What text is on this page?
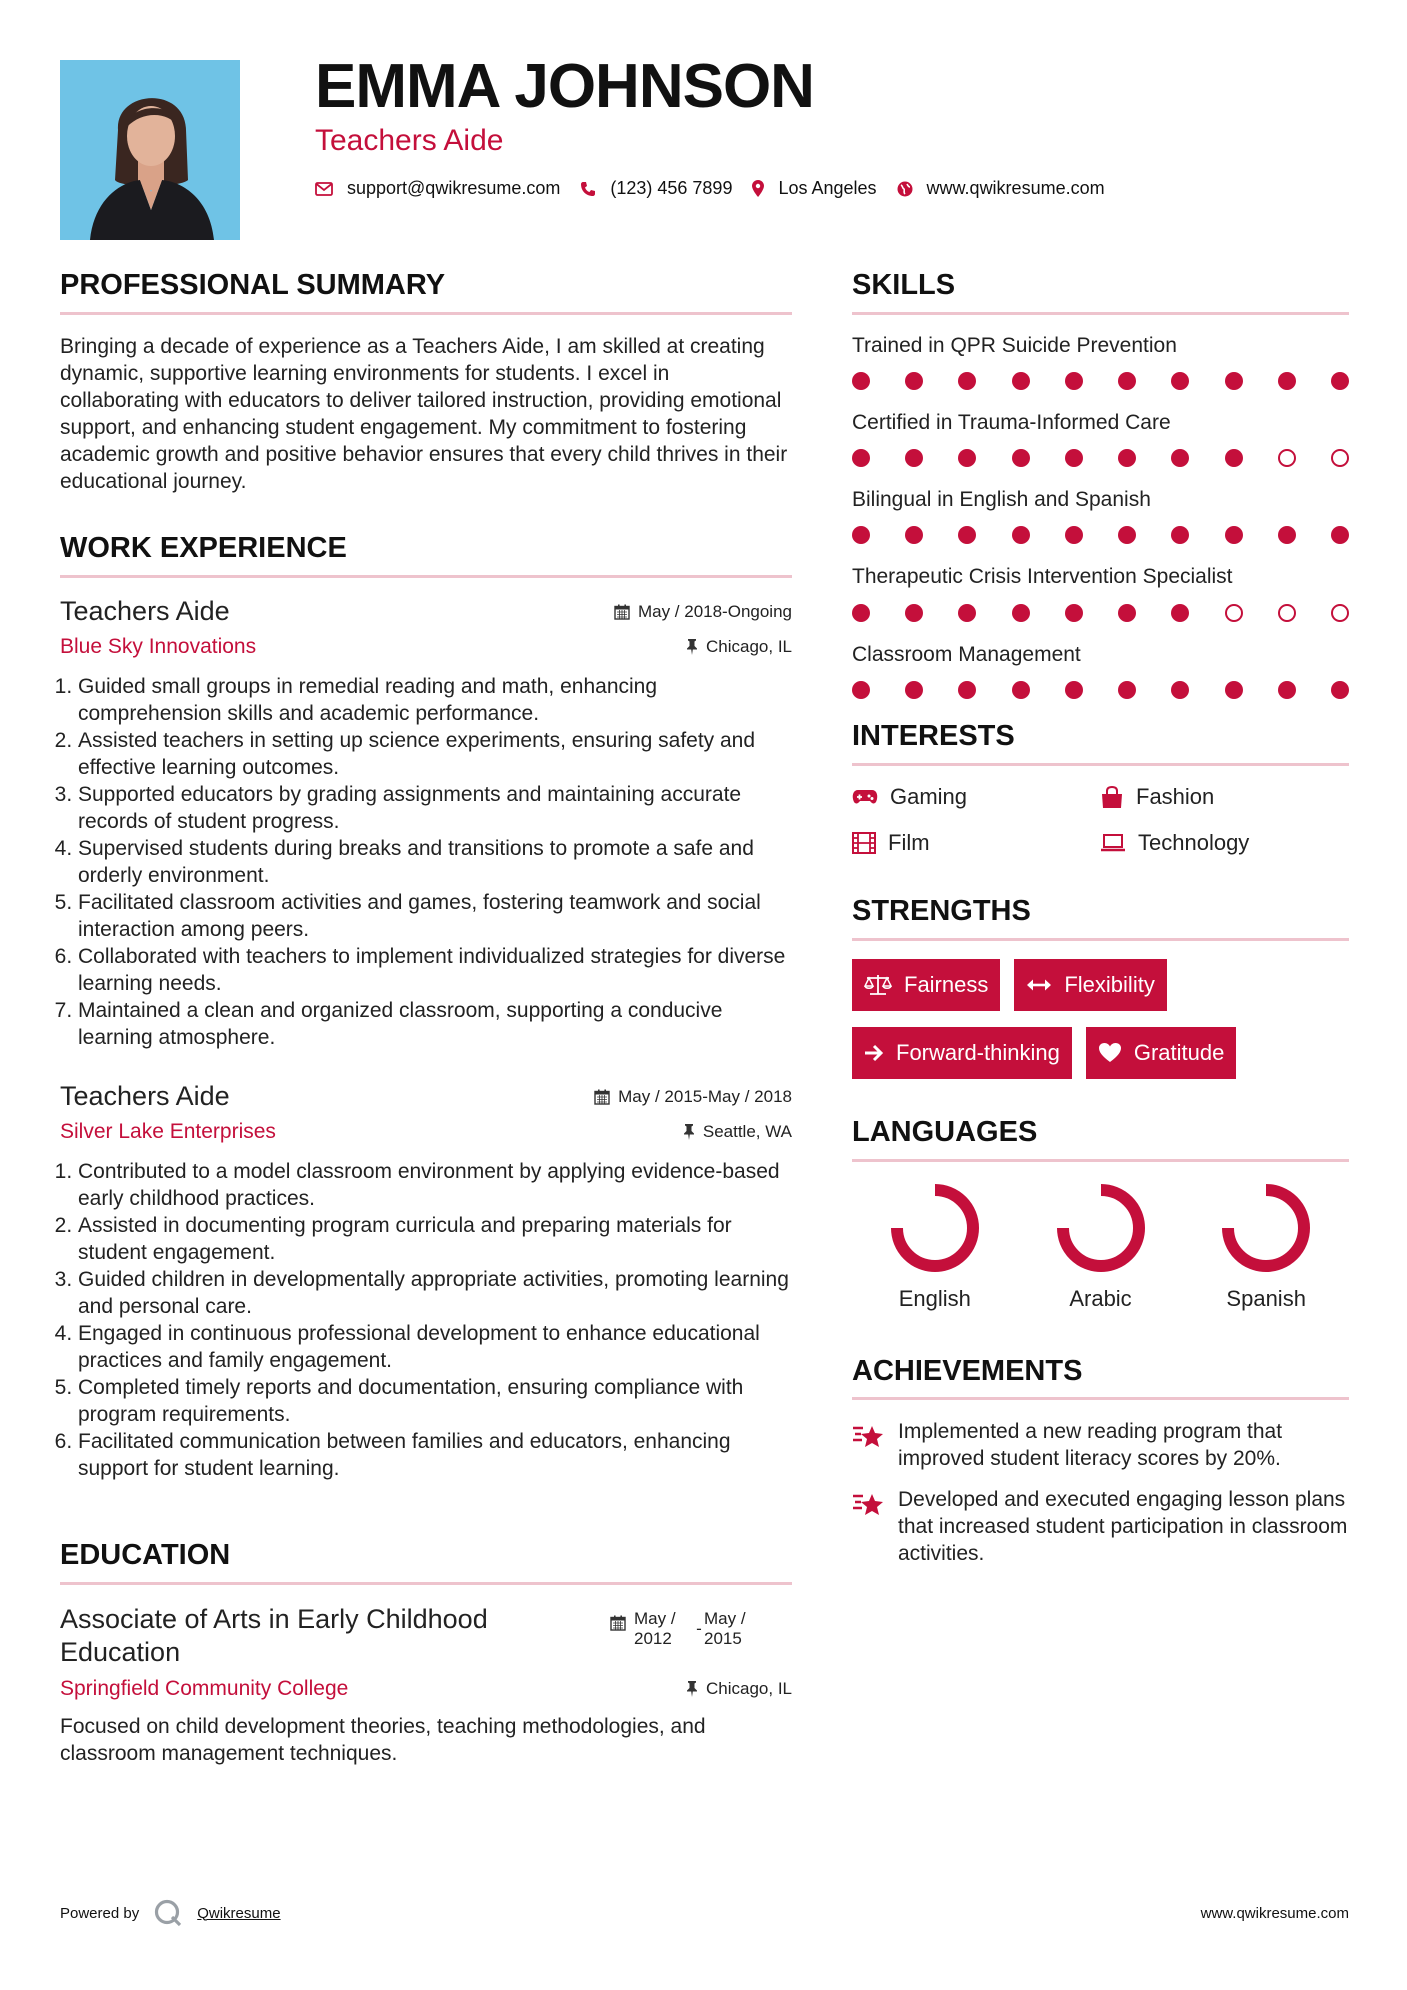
EMMA JOHNSON
Teachers Aide
support@qwikresume.com	(123) 456 7899	Los Angeles	www.qwikresume.com
PROFESSIONAL SUMMARY

Bringing a decade of experience as a Teachers Aide, I am skilled at creating dynamic, supportive learning environments for students. I excel in collaborating with educators to deliver tailored instruction, providing emotional support, and enhancing student engagement. My commitment to fostering academic growth and positive behavior ensures that every child thrives in their educational journey.

WORK EXPERIENCE
Teachers Aide	May / 2018-Ongoing
Blue Sky Innovations	Chicago, IL
1. Guided small groups in remedial reading and math, enhancing comprehension skills and academic performance.
2. Assisted teachers in setting up science experiments, ensuring safety and effective learning outcomes.
3. Supported educators by grading assignments and maintaining accurate records of student progress.
4. Supervised students during breaks and transitions to promote a safe and orderly environment.
5. Facilitated classroom activities and games, fostering teamwork and social interaction among peers.
6. Collaborated with teachers to implement individualized strategies for diverse learning needs.
7. Maintained a clean and organized classroom, supporting a conducive learning atmosphere.
Teachers Aide	May / 2015-May / 2018
Silver Lake Enterprises	Seattle, WA
1. Contributed to a model classroom environment by applying evidence-based early childhood practices.
2. Assisted in documenting program curricula and preparing materials for student engagement.
3. Guided children in developmentally appropriate activities, promoting learning and personal care.
4. Engaged in continuous professional development to enhance educational practices and family engagement.
5. Completed timely reports and documentation, ensuring compliance with program requirements.
6. Facilitated communication between families and educators, enhancing support for student learning.
EDUCATION
Associate of Arts in Early Childhood Education
May /
2012
-
May /
2015
Springfield Community College	Chicago, IL
Focused on child development theories, teaching methodologies, and classroom management techniques.
SKILLS
Trained in QPR Suicide Prevention
Certified in Trauma-Informed Care
Bilingual in English and Spanish
Therapeutic Crisis Intervention Specialist
Classroom Management
INTERESTS
Gaming	Fashion
Film	Technology
STRENGTHS
Fairness	Flexibility
Forward-thinking	Gratitude
LANGUAGES
English	Arabic	Spanish
ACHIEVEMENTS
Implemented a new reading program that improved student literacy scores by 20%.
Developed and executed engaging lesson plans that increased student participation in classroom activities.
Powered by	Qwikresume	www.qwikresume.com
